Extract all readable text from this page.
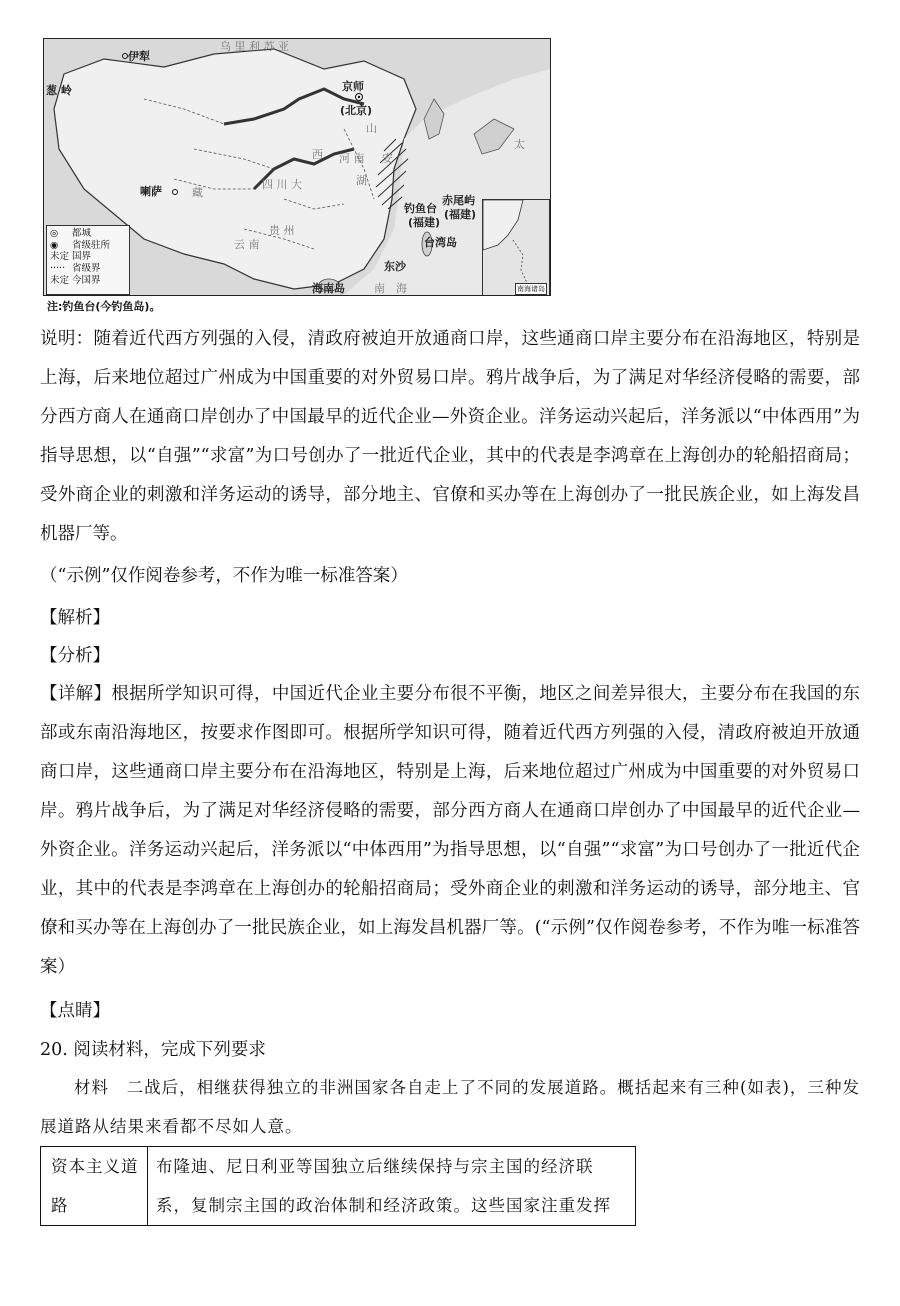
乌 里 利 苏 亚
伊犁
葱 岭
喇萨
京师
(北京)
西 河 南
山
安
湖
四 川 大
贵 州
云 南
藏
钓鱼台
(福建)
赤尾屿
(福建)
台湾岛
东沙
海南岛
太
南 海
◎ 都城
◉ 省级驻所
未定 国界
····· 省级界
未定 今国界
南海诸岛
注:钓鱼台(今钓鱼岛)。

说明：随着近代西方列强的入侵，清政府被迫开放通商口岸，这些通商口岸主要分布在沿海地区，特别是上海，后来地位超过广州成为中国重要的对外贸易口岸。鸦片战争后，为了满足对华经济侵略的需要，部分西方商人在通商口岸创办了中国最早的近代企业—外资企业。洋务运动兴起后，洋务派以“中体西用”为指导思想，以“自强”“求富”为口号创办了一批近代企业，其中的代表是李鸿章在上海创办的轮船招商局；受外商企业的刺激和洋务运动的诱导，部分地主、官僚和买办等在上海创办了一批民族企业，如上海发昌机器厂等。

（“示例”仅作阅卷参考，不作为唯一标准答案）

【解析】

【分析】

【详解】根据所学知识可得，中国近代企业主要分布很不平衡，地区之间差异很大，主要分布在我国的东部或东南沿海地区，按要求作图即可。根据所学知识可得，随着近代西方列强的入侵，清政府被迫开放通商口岸，这些通商口岸主要分布在沿海地区，特别是上海，后来地位超过广州成为中国重要的对外贸易口岸。鸦片战争后，为了满足对华经济侵略的需要，部分西方商人在通商口岸创办了中国最早的近代企业—外资企业。洋务运动兴起后，洋务派以“中体西用”为指导思想，以“自强”“求富”为口号创办了一批近代企业，其中的代表是李鸿章在上海创办的轮船招商局；受外商企业的刺激和洋务运动的诱导，部分地主、官僚和买办等在上海创办了一批民族企业，如上海发昌机器厂等。(“示例”仅作阅卷参考，不作为唯一标准答案）

【点睛】

20. 阅读材料，完成下列要求

材料　二战后，相继获得独立的非洲国家各自走上了不同的发展道路。概括起来有三种(如表)，三种发展道路从结果来看都不尽如人意。

资本主义道路	布隆迪、尼日利亚等国独立后继续保持与宗主国的经济联系，复制宗主国的政治体制和经济政策。这些国家注重发挥
